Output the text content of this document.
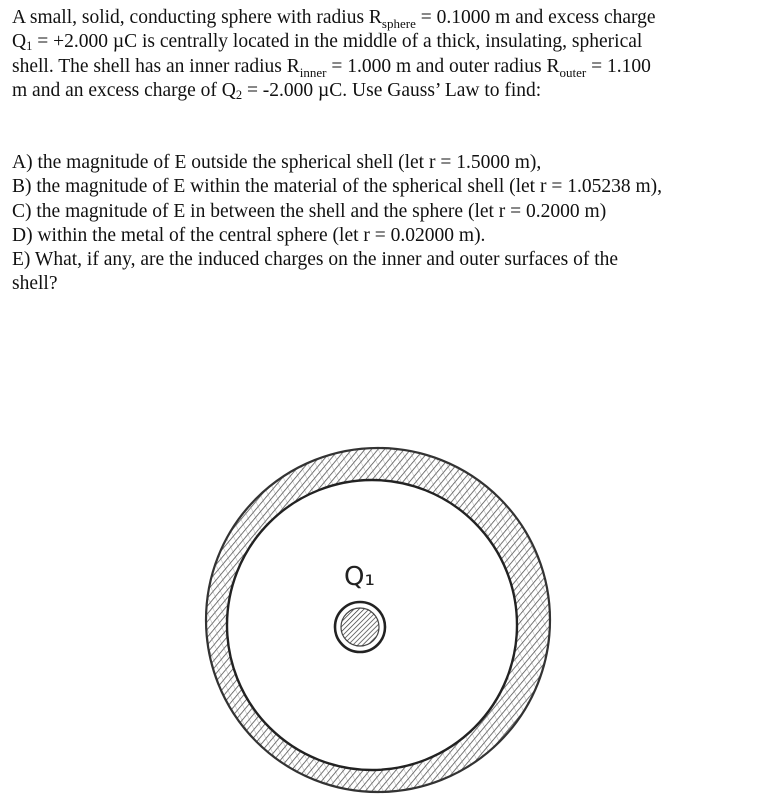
A small, solid, conducting sphere with radius $R_{sphere} = 0.1000$ m and excess charge
Q1 = +2.000 µC is centrally located in the middle of a thick, insulating, spherical
shell. The shell has an inner radius $R_{inner} = 1.000$ m and outer radius $R_{outer} = 1.100$
m and an excess charge of Q2 = -2.000 µC. Use Gauss’ Law to find:
A) the magnitude of E outside the spherical shell (let r = 1.5000 m),
B) the magnitude of E within the material of the spherical shell (let r = 1.05238 m),
C) the magnitude of E in between the shell and the sphere (let r = 0.2000 m)
D) within the metal of the central sphere (let r = 0.02000 m).
E) What, if any, are the induced charges on the inner and outer surfaces of the
shell?
Q₁
